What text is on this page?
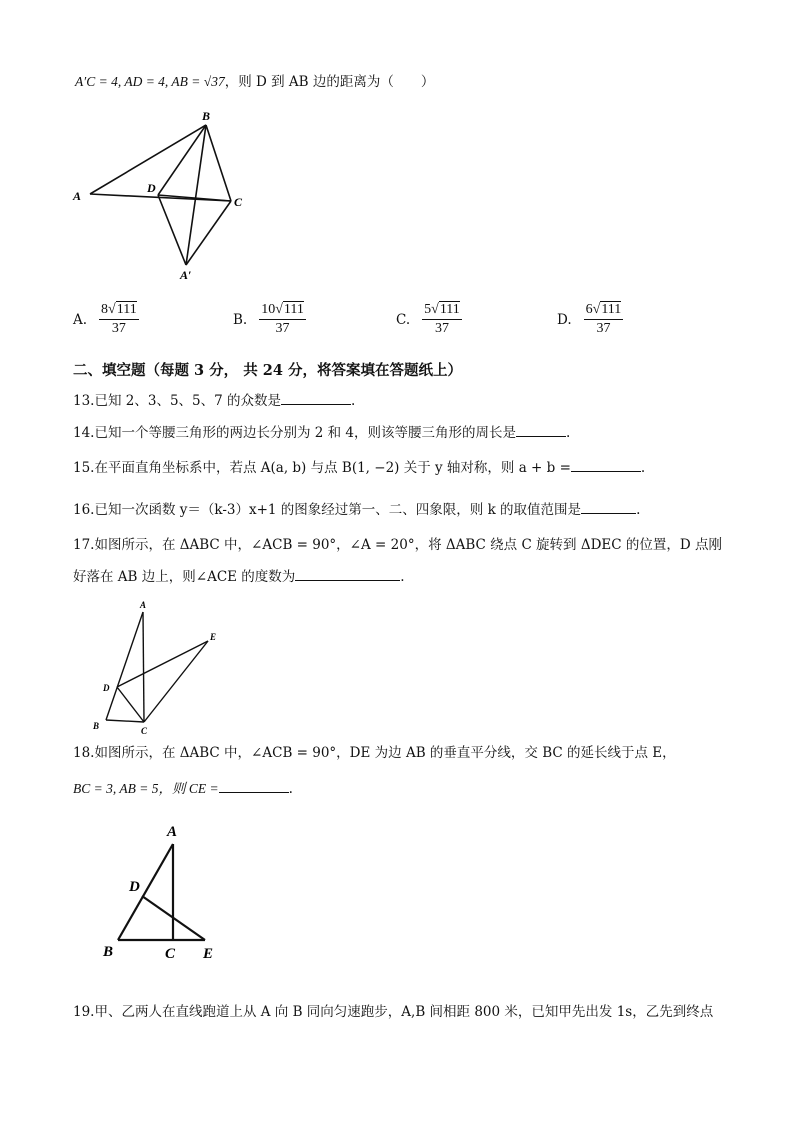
A′C = 4, AD = 4, AB = √37，则 D 到 AB 边的距离为（　　）
A
B
C
D
A′
A. $\frac{8√111}{37}$	B. $\frac{10√111}{37}$	C. $\frac{5√111}{37}$	D. $\frac{6√111}{37}$
二、填空题（每题 3 分， 共 24 分，将答案填在答题纸上）
13.已知 2、3、5、5、7 的众数是	.
14.已知一个等腰三角形的两边长分别为 2 和 4，则该等腰三角形的周长是	.
15.在平面直角坐标系中，若点 A(a, b) 与点 B(1, −2) 关于 y 轴对称，则 a + b =	.
16.已知一次函数 y＝（k-3）x+1 的图象经过第一、二、四象限，则 k 的取值范围是	.
17.如图所示，在 ΔABC 中，∠ACB = 90°，∠A = 20°，将 ΔABC 绕点 C 旋转到 ΔDEC 的位置，D 点刚
好落在 AB 边上，则∠ACE 的度数为	.
A
B	C
D
E
18.如图所示，在 ΔABC 中，∠ACB = 90°，DE 为边 AB 的垂直平分线，交 BC 的延长线于点 E，
BC = 3, AB = 5，则 CE =	.
A
B	C
D
E
19.甲、乙两人在直线跑道上从 A 向 B 同向匀速跑步，A,B 间相距 800 米，已知甲先出发 1s，乙先到终点
